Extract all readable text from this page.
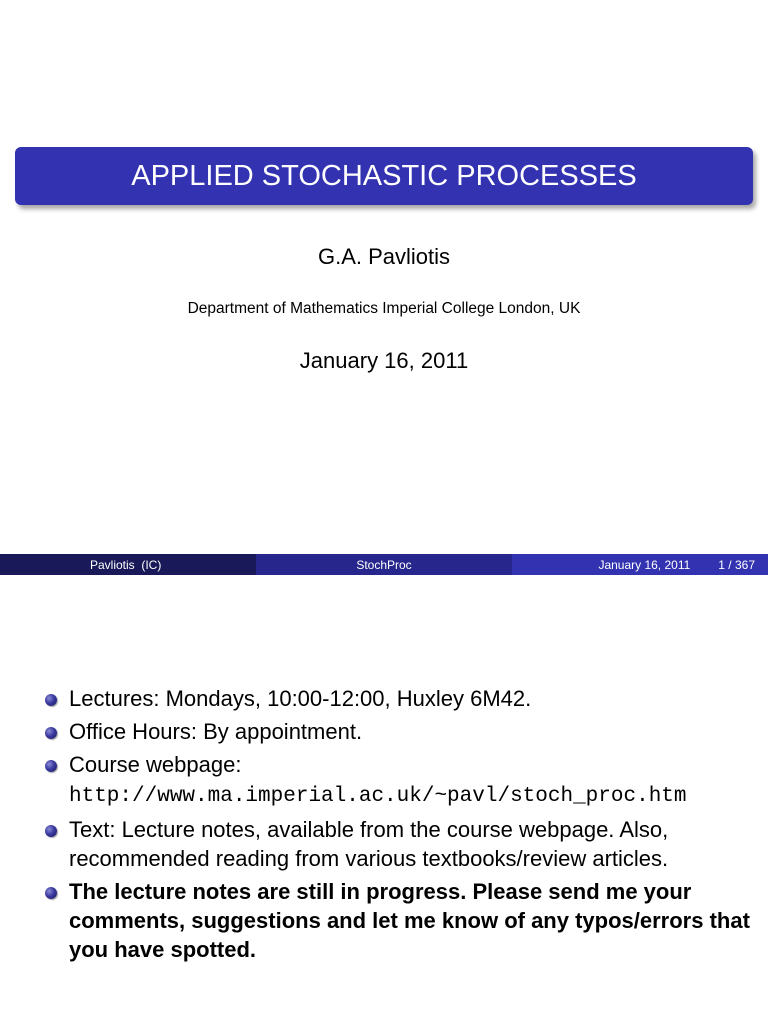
APPLIED STOCHASTIC PROCESSES
G.A. Pavliotis
Department of Mathematics Imperial College London, UK
January 16, 2011
Pavliotis  (IC)	StochProc	January 16, 2011 1 / 367
Lectures: Mondays, 10:00-12:00, Huxley 6M42.
Office Hours: By appointment.
Course webpage:
http://www.ma.imperial.ac.uk/~pavl/stoch_proc.htm
Text: Lecture notes, available from the course webpage. Also, recommended reading from various textbooks/review articles.
The lecture notes are still in progress. Please send me your comments, suggestions and let me know of any typos/errors that you have spotted.
